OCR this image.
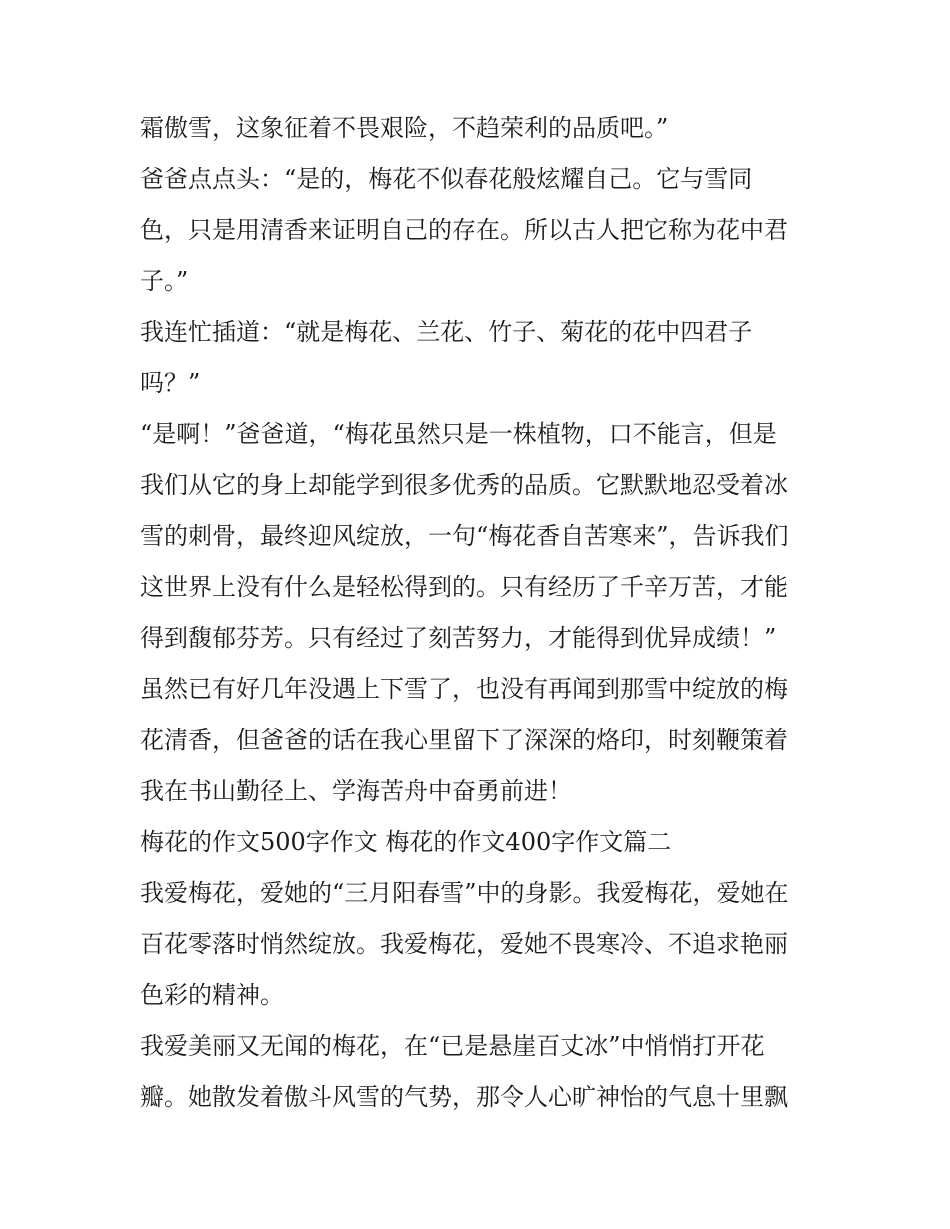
霜傲雪，这象征着不畏艰险，不趋荣利的品质吧。”
爸爸点点头：“是的，梅花不似春花般炫耀自己。它与雪同
色，只是用清香来证明自己的存在。所以古人把它称为花中君
子。”
我连忙插道：“就是梅花、兰花、竹子、菊花的花中四君子
吗？”
“是啊！”爸爸道，“梅花虽然只是一株植物，口不能言，但是
我们从它的身上却能学到很多优秀的品质。它默默地忍受着冰
雪的刺骨，最终迎风绽放，一句“梅花香自苦寒来”，告诉我们
这世界上没有什么是轻松得到的。只有经历了千辛万苦，才能
得到馥郁芬芳。只有经过了刻苦努力，才能得到优异成绩！”
虽然已有好几年没遇上下雪了，也没有再闻到那雪中绽放的梅
花清香，但爸爸的话在我心里留下了深深的烙印，时刻鞭策着
我在书山勤径上、学海苦舟中奋勇前进！
梅花的作文500字作文 梅花的作文400字作文篇二
我爱梅花，爱她的“三月阳春雪”中的身影。我爱梅花，爱她在
百花零落时悄然绽放。我爱梅花，爱她不畏寒冷、不追求艳丽
色彩的精神。
我爱美丽又无闻的梅花，在“已是悬崖百丈冰”中悄悄打开花
瓣。她散发着傲斗风雪的气势，那令人心旷神怡的气息十里飘
